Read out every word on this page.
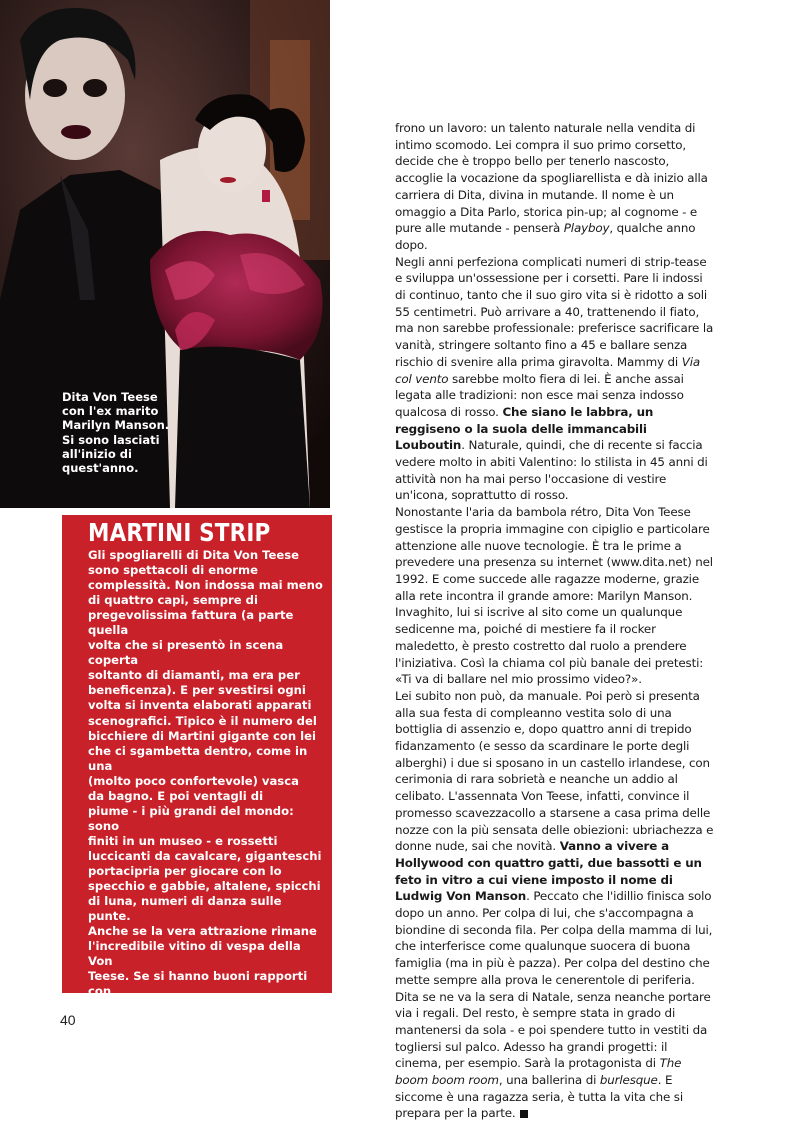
Dita Von Teese con l'ex marito Marilyn Manson. Si sono lasciati all'inizio di quest'anno.
MARTINI STRIP
Gli spogliarelli di Dita Von Teese
sono spettacoli di enorme
complessità. Non indossa mai meno
di quattro capi, sempre di
pregevolissima fattura (a parte quella
volta che si presentò in scena coperta
soltanto di diamanti, ma era per
beneficenza). E per svestirsi ogni
volta si inventa elaborati apparati
scenografici. Tipico è il numero del
bicchiere di Martini gigante con lei
che ci sgambetta dentro, come in una
(molto poco confortevole) vasca
da bagno. E poi ventagli di
piume - i più grandi del mondo: sono
finiti in un museo - e rossetti
luccicanti da cavalcare, giganteschi
portacipria per giocare con lo
specchio e gabbie, altalene, spicchi
di luna, numeri di danza sulle punte.
Anche se la vera attrazione rimane
l'incredibile vitino di vespa della Von
Teese. Se si hanno buoni rapporti con
l'estetica circense, insomma, e
fidanzati meritevoli di un premio,
Dita Von Teese sarà in Italia, al
"Summer Jamboree" di Senigallia,
il 25 agosto. Solo per signore con
moltissima autostima.

frono un lavoro: un talento naturale nella vendita di intimo scomodo. Lei compra il suo primo corsetto, decide che è troppo bello per tenerlo nascosto, accoglie la vocazione da spogliarellista e dà inizio alla carriera di Dita, divina in mutande. Il nome è un omaggio a Dita Parlo, storica pin-up; al cognome - e pure alle mutande - penserà Playboy, qualche anno dopo.

Negli anni perfeziona complicati numeri di strip-tease e sviluppa un'ossessione per i corsetti. Pare li indossi di continuo, tanto che il suo giro vita si è ridotto a soli 55 centimetri. Può arrivare a 40, trattenendo il fiato, ma non sarebbe professionale: preferisce sacrificare la vanità, stringere soltanto fino a 45 e ballare senza rischio di svenire alla prima giravolta. Mammy di Via col vento sarebbe molto fiera di lei. È anche assai legata alle tradizioni: non esce mai senza indosso qualcosa di rosso. Che siano le labbra, un reggiseno o la suola delle immancabili Louboutin. Naturale, quindi, che di recente si faccia vedere molto in abiti Valentino: lo stilista in 45 anni di attività non ha mai perso l'occasione di vestire un'icona, soprattutto di rosso.

Nonostante l'aria da bambola rétro, Dita Von Teese gestisce la propria immagine con cipiglio e particolare attenzione alle nuove tecnologie. È tra le prime a prevedere una presenza su internet (www.dita.net) nel 1992. E come succede alle ragazze moderne, grazie alla rete incontra il grande amore: Marilyn Manson. Invaghito, lui si iscrive al sito come un qualunque sedicenne ma, poiché di mestiere fa il rocker maledetto, è presto costretto dal ruolo a prendere l'iniziativa. Così la chiama col più banale dei pretesti: «Ti va di ballare nel mio prossimo video?».

Lei subito non può, da manuale. Poi però si presenta alla sua festa di compleanno vestita solo di una bottiglia di assenzio e, dopo quattro anni di trepido fidanzamento (e sesso da scardinare le porte degli alberghi) i due si sposano in un castello irlandese, con cerimonia di rara sobrietà e neanche un addio al celibato. L'assennata Von Teese, infatti, convince il promesso scavezzacollo a starsene a casa prima delle nozze con la più sensata delle obiezioni: ubriachezza e donne nude, sai che novità. Vanno a vivere a Hollywood con quattro gatti, due bassotti e un feto in vitro a cui viene imposto il nome di Ludwig Von Manson. Peccato che l'idillio finisca solo dopo un anno. Per colpa di lui, che s'accompagna a biondine di seconda fila. Per colpa della mamma di lui, che interferisce come qualunque suocera di buona famiglia (ma in più è pazza). Per colpa del destino che mette sempre alla prova le cenerentole di periferia. Dita se ne va la sera di Natale, senza neanche portare via i regali. Del resto, è sempre stata in grado di mantenersi da sola - e poi spendere tutto in vestiti da togliersi sul palco. Adesso ha grandi progetti: il cinema, per esempio. Sarà la protagonista di The boom boom room, una ballerina di burlesque. E siccome è una ragazza seria, è tutta la vita che si prepara per la parte.

40
